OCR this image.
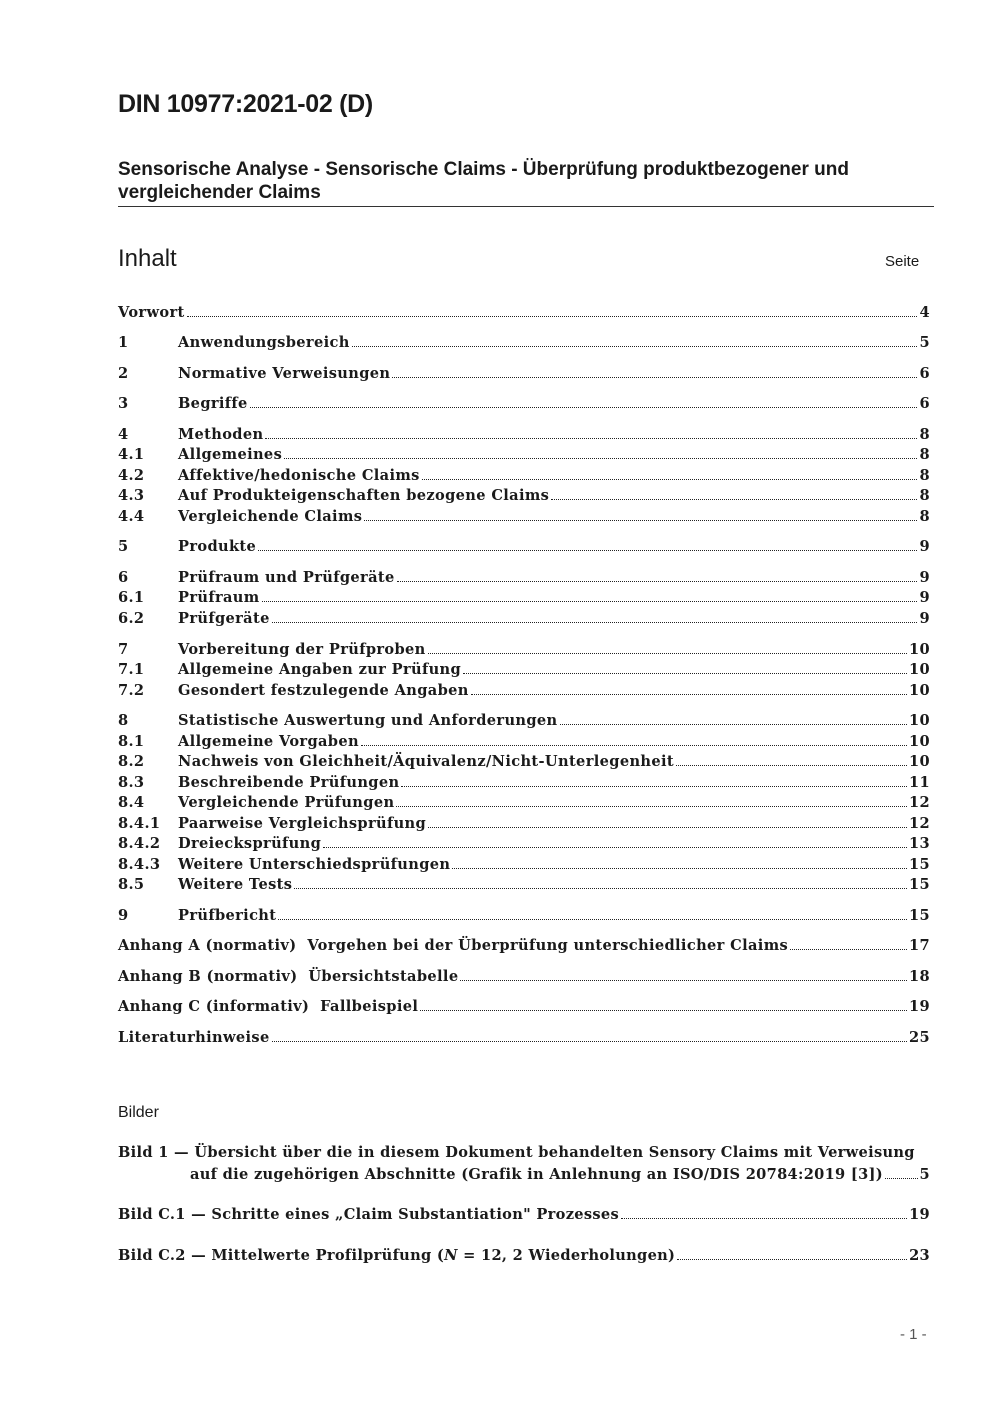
DIN 10977:2021-02 (D)
Sensorische Analyse - Sensorische Claims - Überprüfung produktbezogener und vergleichender Claims
Inhalt	Seite
Vorwort	4
1	Anwendungsbereich	5
2	Normative Verweisungen	6
3	Begriffe	6
4	Methoden	8
4.1	Allgemeines	8
4.2	Affektive/hedonische Claims	8
4.3	Auf Produkteigenschaften bezogene Claims	8
4.4	Vergleichende Claims	8
5	Produkte	9
6	Prüfraum und Prüfgeräte	9
6.1	Prüfraum	9
6.2	Prüfgeräte	9
7	Vorbereitung der Prüfproben	10
7.1	Allgemeine Angaben zur Prüfung	10
7.2	Gesondert festzulegende Angaben	10
8	Statistische Auswertung und Anforderungen	10
8.1	Allgemeine Vorgaben	10
8.2	Nachweis von Gleichheit/Äquivalenz/Nicht-Unterlegenheit	10
8.3	Beschreibende Prüfungen	11
8.4	Vergleichende Prüfungen	12
8.4.1	Paarweise Vergleichsprüfung	12
8.4.2	Dreiecksprüfung	13
8.4.3	Weitere Unterschiedsprüfungen	15
8.5	Weitere Tests	15
9	Prüfbericht	15
Anhang A (normativ)  Vorgehen bei der Überprüfung unterschiedlicher Claims	17
Anhang B (normativ)  Übersichtstabelle	18
Anhang C (informativ)  Fallbeispiel	19
Literaturhinweise	25
Bilder
Bild 1 — Übersicht über die in diesem Dokument behandelten Sensory Claims mit Verweisung
auf die zugehörigen Abschnitte (Grafik in Anlehnung an ISO/DIS 20784:2019 [3])	5
Bild C.1 — Schritte eines „Claim Substantiation" Prozesses	19
Bild C.2 — Mittelwerte Profilprüfung (N = 12, 2 Wiederholungen)	23
- 1 -
